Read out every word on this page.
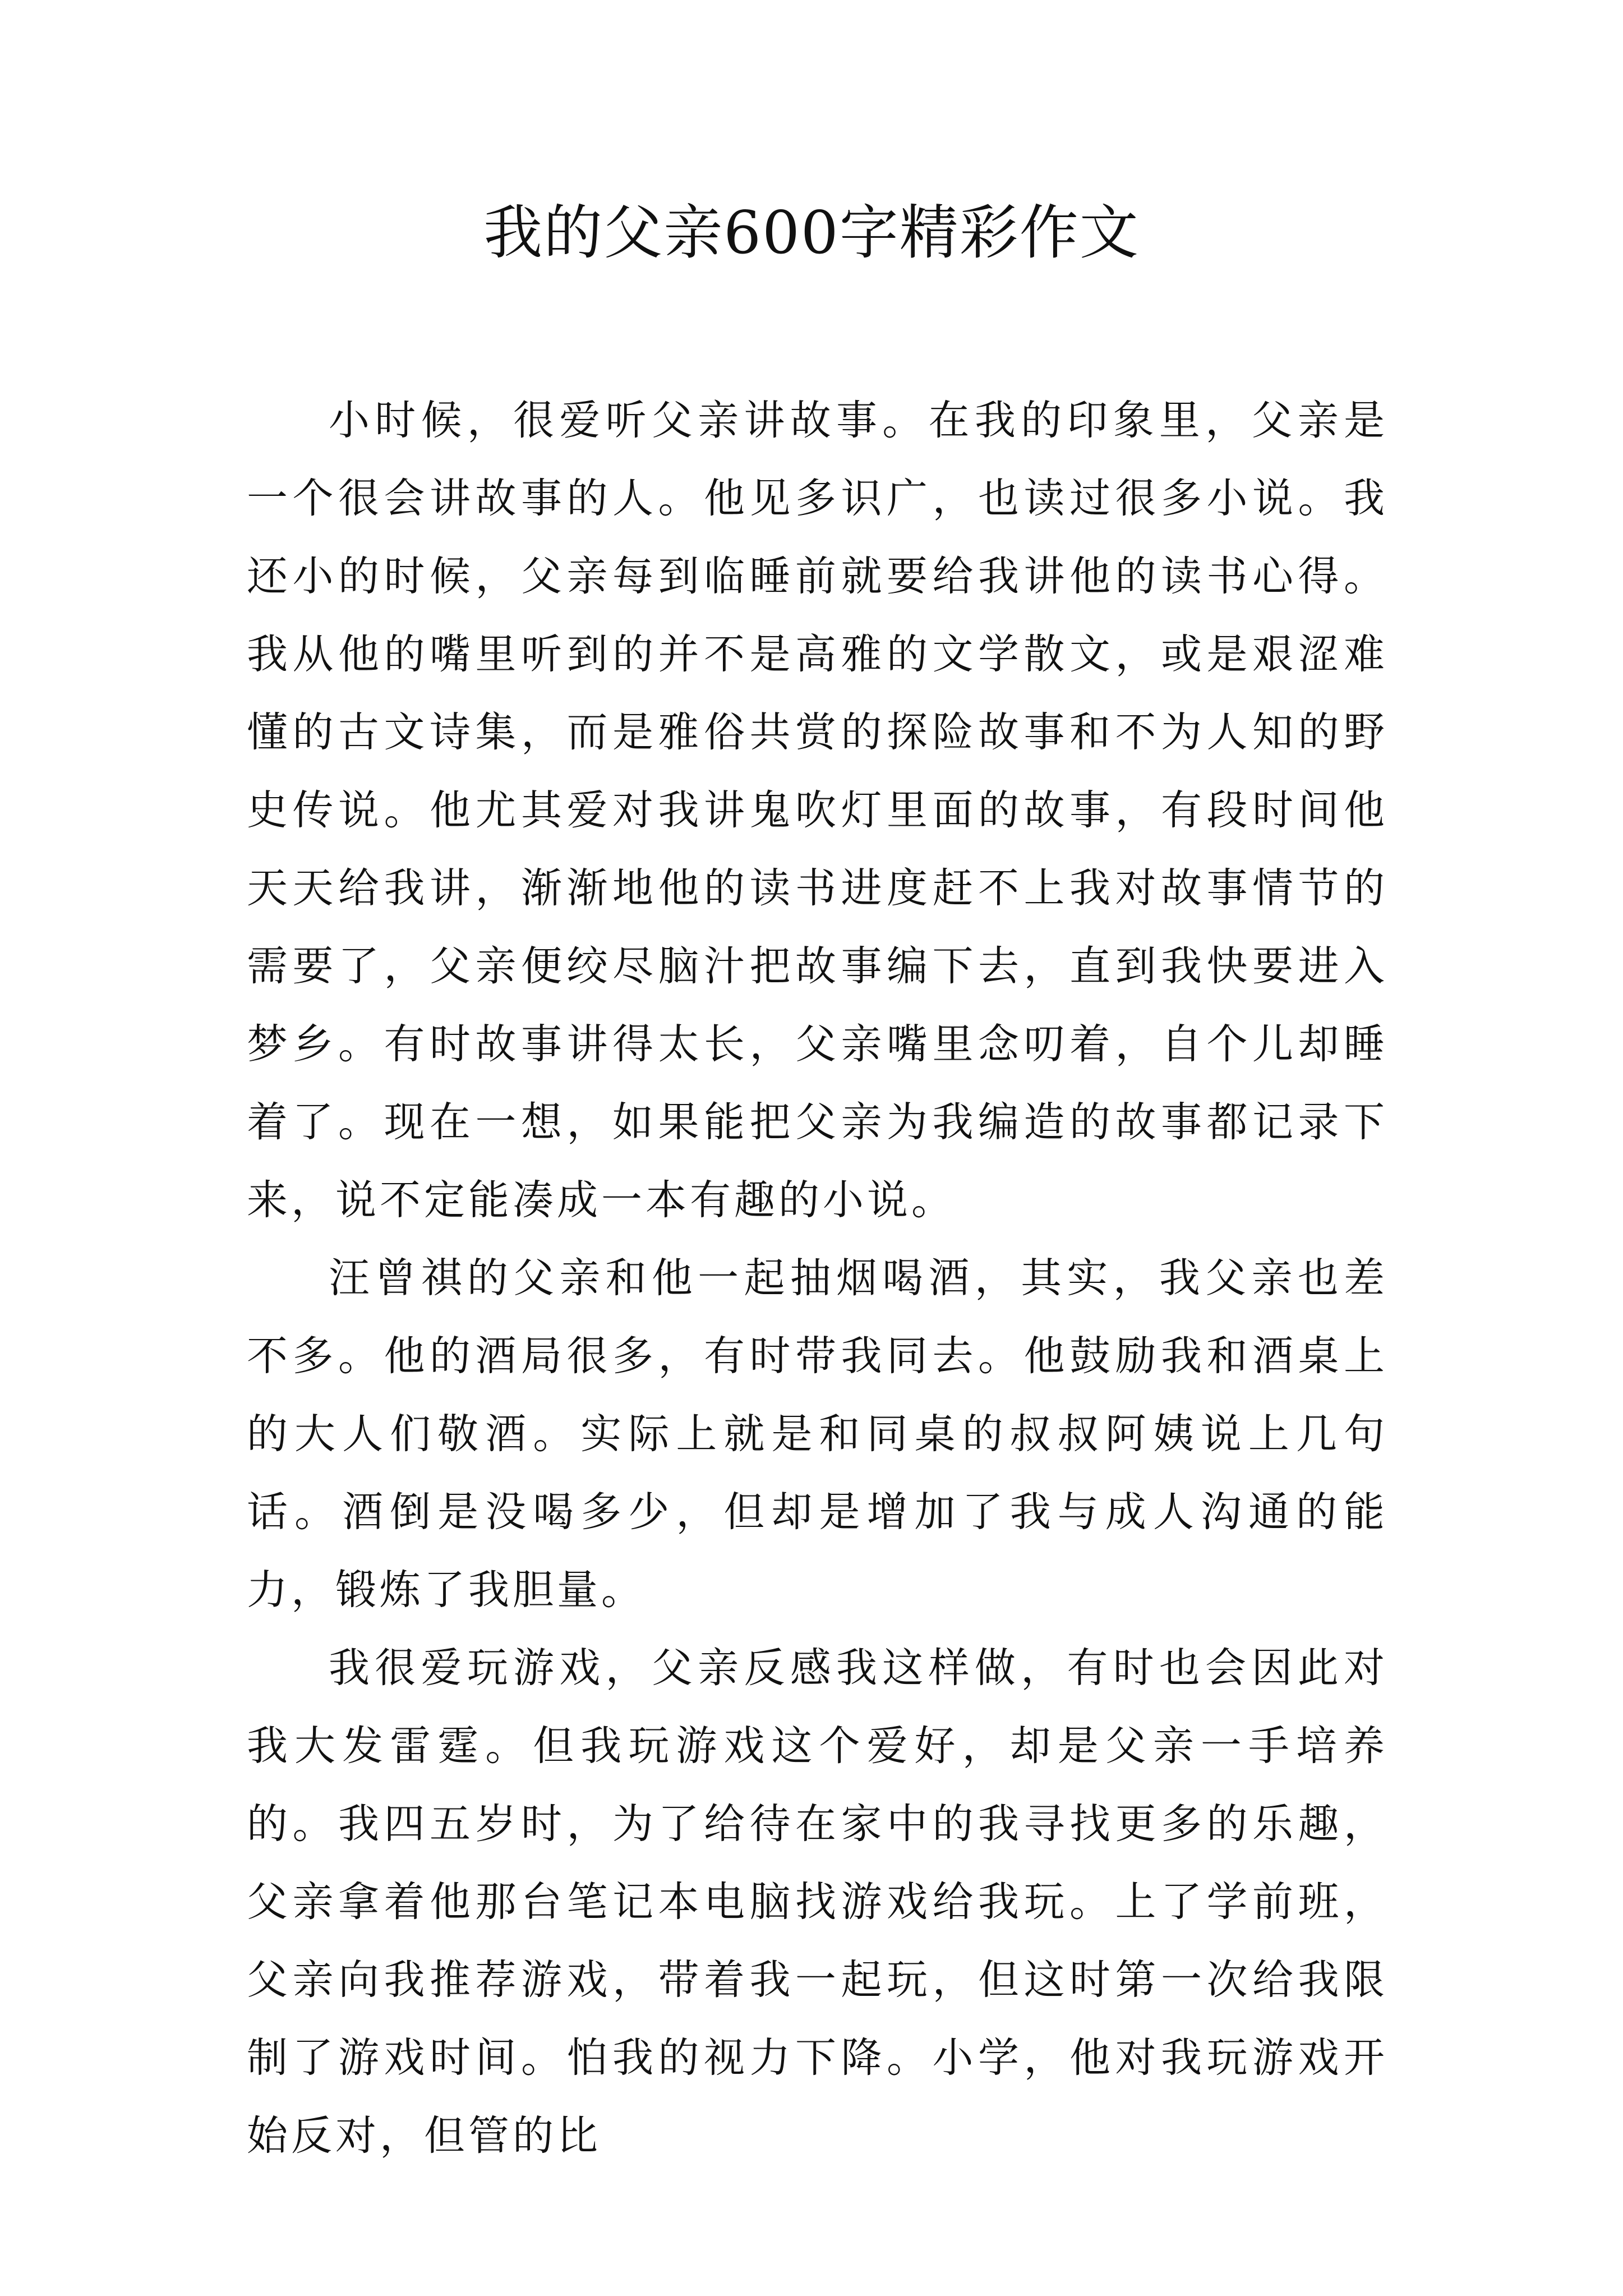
我的父亲600字精彩作文

小时候，很爱听父亲讲故事。在我的印象里，父亲是一个很会讲故事的人。他见多识广，也读过很多小说。我还小的时候，父亲每到临睡前就要给我讲他的读书心得。我从他的嘴里听到的并不是高雅的文学散文，或是艰涩难懂的古文诗集，而是雅俗共赏的探险故事和不为人知的野史传说。他尤其爱对我讲鬼吹灯里面的故事，有段时间他天天给我讲，渐渐地他的读书进度赶不上我对故事情节的需要了，父亲便绞尽脑汁把故事编下去，直到我快要进入梦乡。有时故事讲得太长，父亲嘴里念叨着，自个儿却睡着了。现在一想，如果能把父亲为我编造的故事都记录下来，说不定能凑成一本有趣的小说。

汪曾祺的父亲和他一起抽烟喝酒，其实，我父亲也差不多。他的酒局很多，有时带我同去。他鼓励我和酒桌上的大人们敬酒。实际上就是和同桌的叔叔阿姨说上几句话。酒倒是没喝多少，但却是增加了我与成人沟通的能力，锻炼了我胆量。

我很爱玩游戏，父亲反感我这样做，有时也会因此对我大发雷霆。但我玩游戏这个爱好，却是父亲一手培养的。我四五岁时，为了给待在家中的我寻找更多的乐趣，父亲拿着他那台笔记本电脑找游戏给我玩。上了学前班，父亲向我推荐游戏，带着我一起玩，但这时第一次给我限制了游戏时间。怕我的视力下降。小学，他对我玩游戏开始反对，但管的比
